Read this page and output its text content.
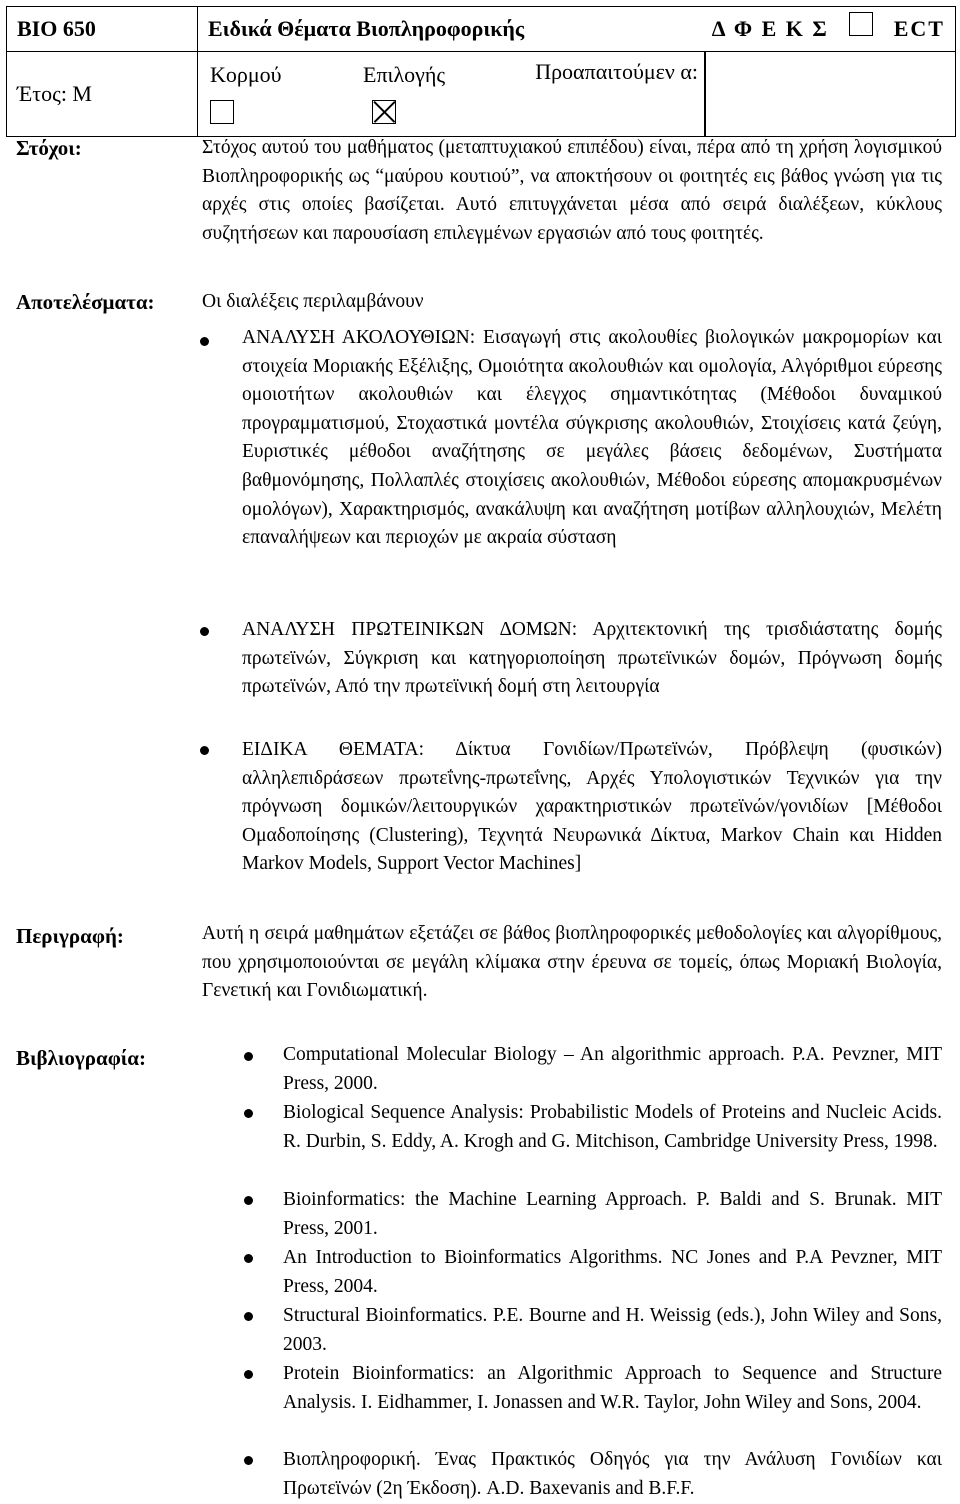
ΒΙΟ 650	Ειδικά Θέματα Βιοπληροφορικής Δ Φ Ε Κ Σ ECT

Έτος: Μ	Κορμού Επιλογής Προαπαιτούμεν α:
Στόχοι:	Στόχος αυτού του μαθήματος (μεταπτυχιακού επιπέδου) είναι, πέρα από τη χρήση λογισμικού Βιοπληροφορικής ως “μαύρου κουτιού”, να αποκτήσουν οι φοιτητές εις βάθος γνώση για τις αρχές στις οποίες βασίζεται. Αυτό επιτυγχάνεται μέσα από σειρά διαλέξεων, κύκλους συζητήσεων και παρουσίαση επιλεγμένων εργασιών από τους φοιτητές.
Αποτελέσματα: Οι διαλέξεις περιλαμβάνουν
ΑΝΑΛΥΣΗ ΑΚΟΛΟΥΘΙΩΝ: Εισαγωγή στις ακολουθίες βιολογικών μακρομορίων και στοιχεία Μοριακής Εξέλιξης, Ομοιότητα ακολουθιών και ομολογία, Αλγόριθμοι εύρεσης ομοιοτήτων ακολουθιών και έλεγχος σημαντικότητας (Μέθοδοι δυναμικού προγραμματισμού, Στοχαστικά μοντέλα σύγκρισης ακολουθιών, Στοιχίσεις κατά ζεύγη, Ευριστικές μέθοδοι αναζήτησης σε μεγάλες βάσεις δεδομένων, Συστήματα βαθμονόμησης, Πολλαπλές στοιχίσεις ακολουθιών, Μέθοδοι εύρεσης απομακρυσμένων ομολόγων), Χαρακτηρισμός, ανακάλυψη και αναζήτηση μοτίβων αλληλουχιών, Μελέτη επαναλήψεων και περιοχών με ακραία σύσταση
ΑΝΑΛΥΣΗ ΠΡΩΤΕΙΝΙΚΩΝ ΔΟΜΩΝ: Αρχιτεκτονική της τρισδιάστατης δομής πρωτεϊνών, Σύγκριση και κατηγοριοποίηση πρωτεϊνικών δομών, Πρόγνωση δομής πρωτεϊνών, Από την πρωτεϊνική δομή στη λειτουργία
ΕΙΔΙΚΑ ΘΕΜΑΤΑ: Δίκτυα Γονιδίων/Πρωτεϊνών, Πρόβλεψη (φυσικών) αλληλεπιδράσεων πρωτεΐνης-πρωτεΐνης, Αρχές Υπολογιστικών Τεχνικών για την πρόγνωση δομικών/λειτουργικών χαρακτηριστικών πρωτεϊνών/γονιδίων [Μέθοδοι Ομαδοποίησης (Clustering), Τεχνητά Νευρωνικά Δίκτυα, Markov Chain και Hidden Markov Models, Support Vector Machines]
Περιγραφή:	Αυτή η σειρά μαθημάτων εξετάζει σε βάθος βιοπληροφορικές μεθοδολογίες και αλγορίθμους, που χρησιμοποιούνται σε μεγάλη κλίμακα στην έρευνα σε τομείς, όπως Μοριακή Βιολογία, Γενετική και Γονιδιωματική.
Βιβλιογραφία:	Computational Molecular Biology – An algorithmic approach. P.A. Pevzner, MIT Press, 2000.
Biological Sequence Analysis: Probabilistic Models of Proteins and Nucleic Acids. R. Durbin, S. Eddy, A. Krogh and G. Mitchison, Cambridge University Press, 1998.
Bioinformatics: the Machine Learning Approach. P. Baldi and S. Brunak. MIT Press, 2001.
An Introduction to Bioinformatics Algorithms. NC Jones and P.A Pevzner, MIT Press, 2004.
Structural Bioinformatics. P.E. Bourne and H. Weissig (eds.), John Wiley and Sons, 2003.
Protein Bioinformatics: an Algorithmic Approach to Sequence and Structure Analysis. I. Eidhammer, I. Jonassen and W.R. Taylor, John Wiley and Sons, 2004.
Βιοπληροφορική. Ένας Πρακτικός Οδηγός για την Ανάλυση Γονιδίων και Πρωτεϊνών (2η Έκδοση). A.D. Baxevanis and B.F.F.
